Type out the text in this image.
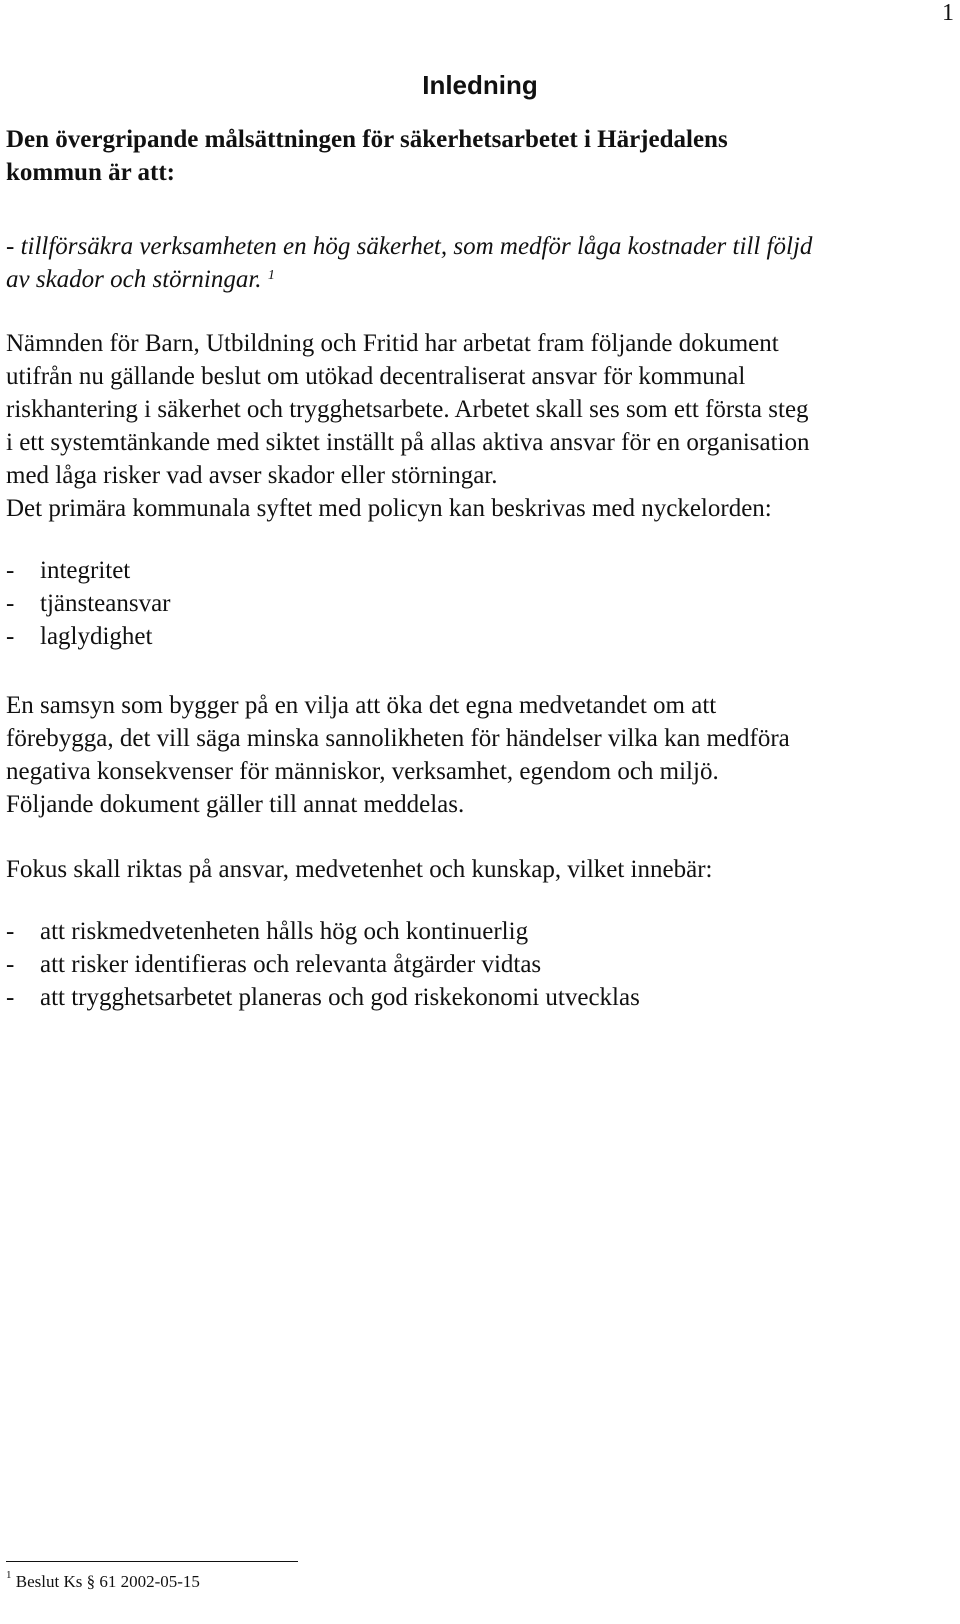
1
Inledning
Den övergripande målsättningen för säkerhetsarbetet i Härjedalens
kommun är att:
- tillförsäkra verksamheten en hög säkerhet, som medför låga kostnader till följd
av skador och störningar. $^1$
Nämnden för Barn, Utbildning och Fritid har arbetat fram följande dokument
utifrån nu gällande beslut om utökad decentraliserat ansvar för kommunal
riskhantering i säkerhet och trygghetsarbete. Arbetet skall ses som ett första steg
i ett systemtänkande med siktet inställt på allas aktiva ansvar för en organisation
med låga risker vad avser skador eller störningar.
Det primära kommunala syftet med policyn kan beskrivas med nyckelorden:
- integritet
- tjänsteansvar
- laglydighet
En samsyn som bygger på en vilja att öka det egna medvetandet om att
förebygga, det vill säga minska sannolikheten för händelser vilka kan medföra
negativa konsekvenser för människor, verksamhet, egendom och miljö.
Följande dokument gäller till annat meddelas.
Fokus skall riktas på ansvar, medvetenhet och kunskap, vilket innebär:
- att riskmedvetenheten hålls hög och kontinuerlig
- att risker identifieras och relevanta åtgärder vidtas
- att trygghetsarbetet planeras och god riskekonomi utvecklas
$^1$ Beslut Ks § 61 2002-05-15
